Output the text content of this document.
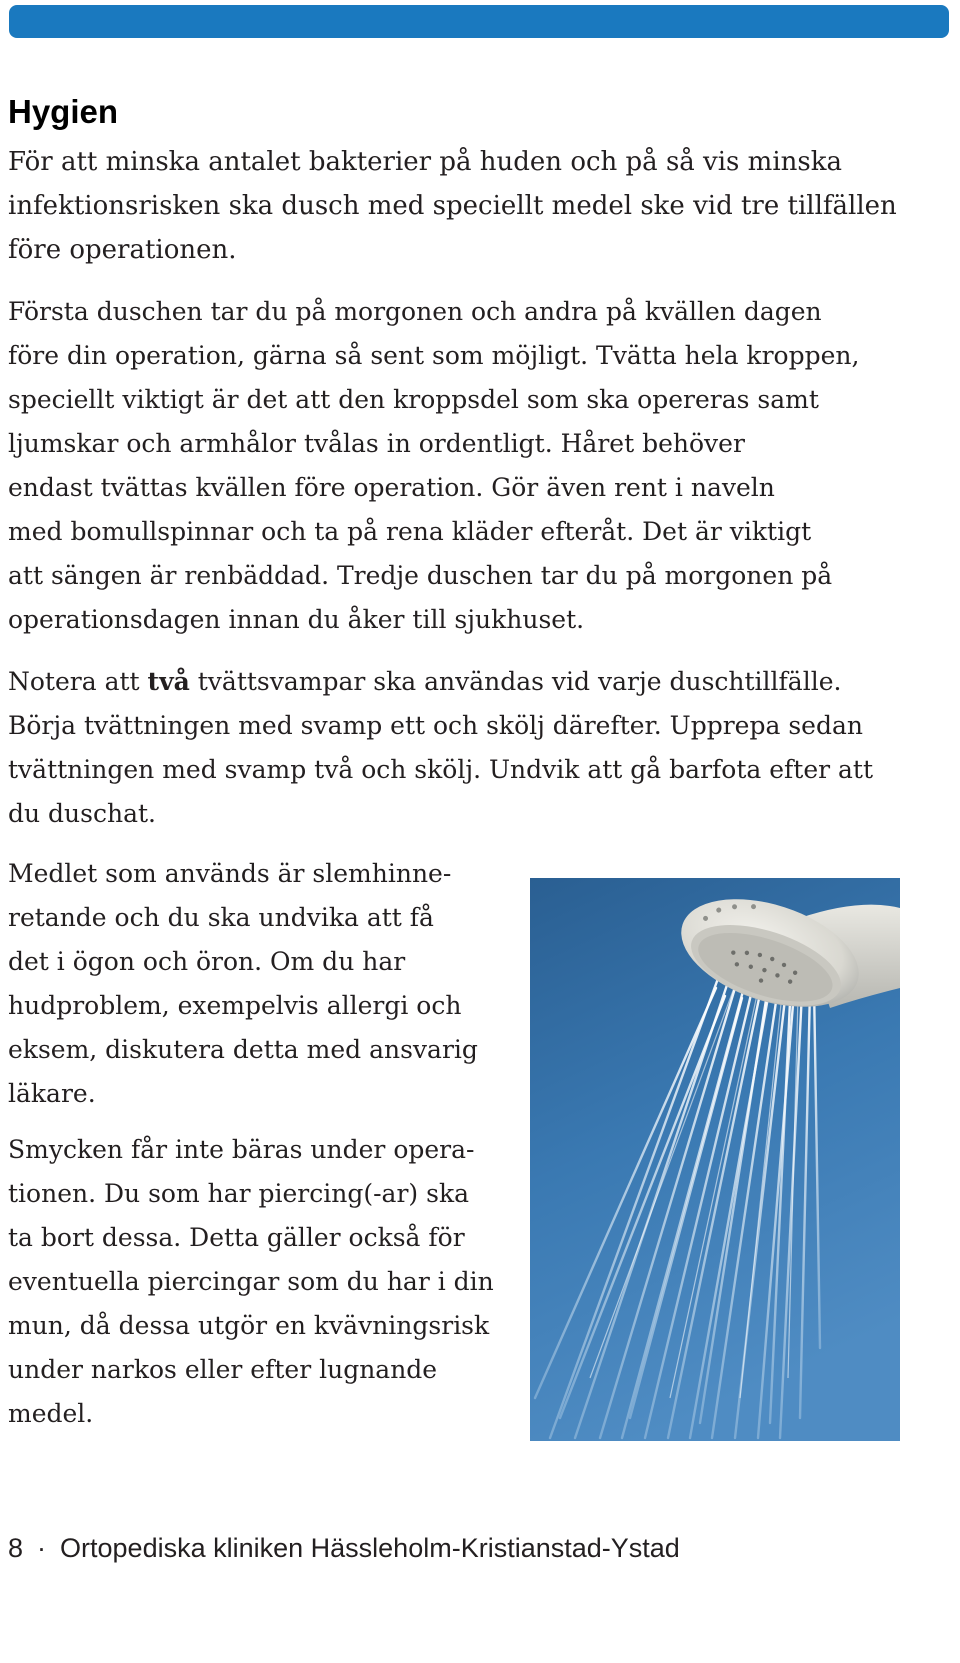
Hygien
För att minska antalet bakterier på huden och på så vis minska
infektionsrisken ska dusch med speciellt medel ske vid tre tillfällen
före operationen.
Första duschen tar du på morgonen och andra på kvällen dagen
före din operation, gärna så sent som möjligt. Tvätta hela kroppen,
speciellt viktigt är det att den kroppsdel som ska opereras samt
ljumskar och armhålor tvålas in ordentligt. Håret behöver
endast tvättas kvällen före operation. Gör även rent i naveln
med bomullspinnar och ta på rena kläder efteråt. Det är viktigt
att sängen är renbäddad. Tredje duschen tar du på morgonen på
operationsdagen innan du åker till sjukhuset.
Notera att två tvättsvampar ska användas vid varje duschtillfälle.
Börja tvättningen med svamp ett och skölj därefter. Upprepa sedan
tvättningen med svamp två och skölj. Undvik att gå barfota efter att
du duschat.
Medlet som används är slemhinne-
retande och du ska undvika att få
det i ögon och öron. Om du har
hudproblem, exempelvis allergi och
eksem, diskutera detta med ansvarig
läkare.
Smycken får inte bäras under opera-
tionen. Du som har piercing(-ar) ska
ta bort dessa. Detta gäller också för
eventuella piercingar som du har i din
mun, då dessa utgör en kvävningsrisk
under narkos eller efter lugnande
medel.
8 · Ortopediska kliniken Hässleholm-Kristianstad-Ystad
